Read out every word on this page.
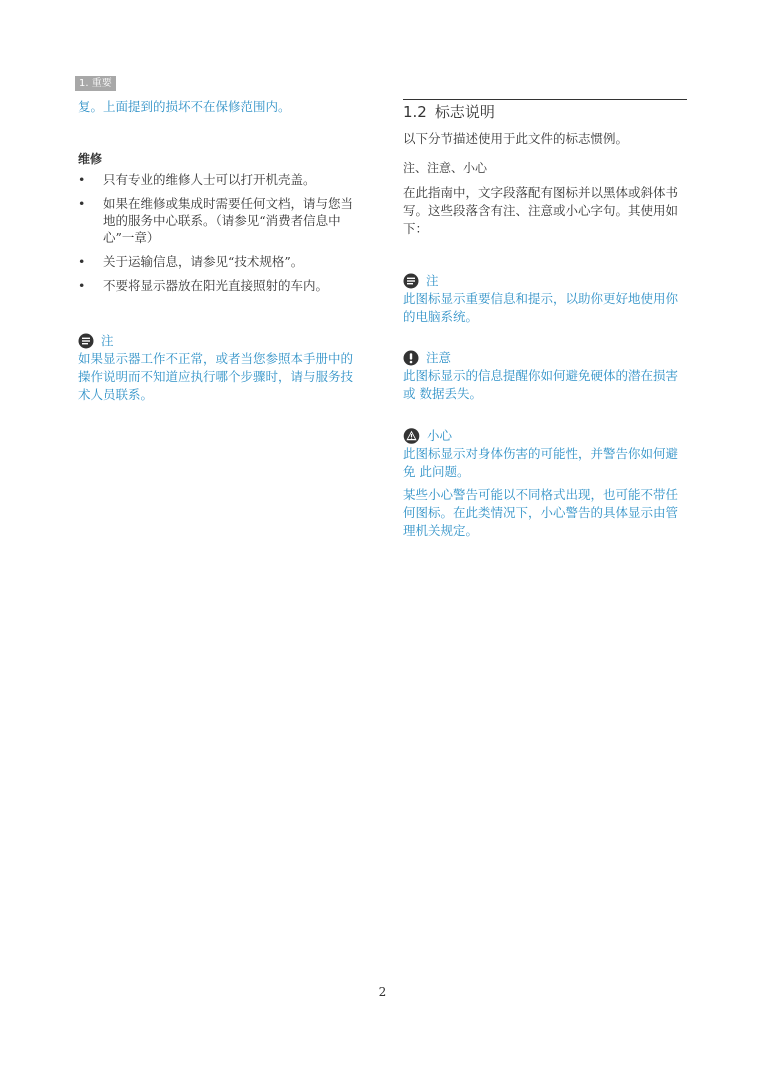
1. 重要
复。上面提到的损坏不在保修范围内。
维修
• 只有专业的维修人士可以打开机壳盖。
• 如果在维修或集成时需要任何文档，请与您当地的服务中心联系。（请参见“消费者信息中心”一章）
• 关于运输信息，请参见“技术规格”。
• 不要将显示器放在阳光直接照射的车内。
注

如果显示器工作不正常，或者当您参照本手册中的操作说明而不知道应执行哪个步骤时，请与服务技术人员联系。

1.2 标志说明
以下分节描述使用于此文件的标志惯例。
注、注意、小心
在此指南中，文字段落配有图标并以黑体或斜体书写。这些段落含有注、注意或小心字句。其使用如下：
注

此图标显示重要信息和提示，以助你更好地使用你 的电脑系统。

注意

此图标显示的信息提醒你如何避免硬体的潜在损害或 数据丢失。

小心

此图标显示对身体伤害的可能性，并警告你如何避免 此问题。

某些小心警告可能以不同格式出现，也可能不带任何图标。在此类情况下，小心警告的具体显示由管理机关规定。

2
